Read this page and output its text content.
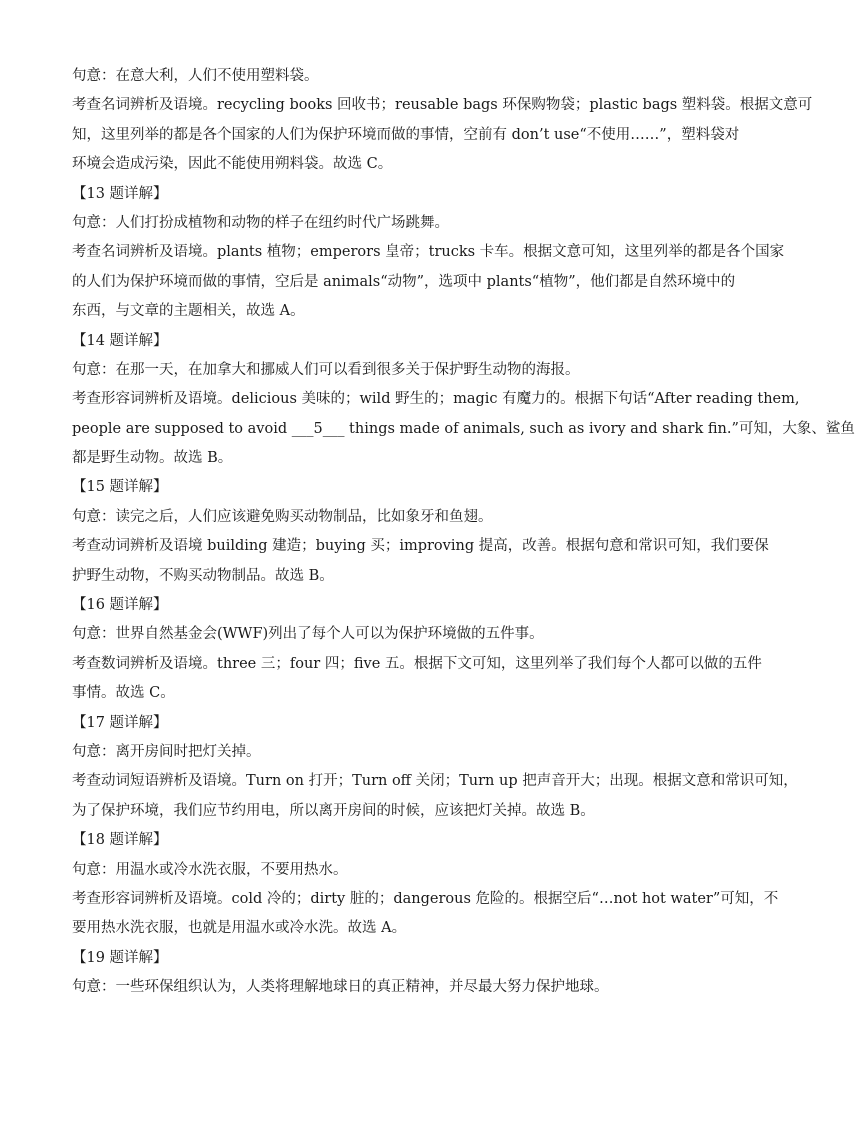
句意：在意大利，人们不使用塑料袋。
考查名词辨析及语境。recycling books 回收书；reusable bags 环保购物袋；plastic bags 塑料袋。根据文意可
知，这里列举的都是各个国家的人们为保护环境而做的事情，空前有 don’t use“不使用……”，塑料袋对
环境会造成污染，因此不能使用朔料袋。故选 C。
【13 题详解】
句意：人们打扮成植物和动物的样子在纽约时代广场跳舞。
考查名词辨析及语境。plants 植物；emperors 皇帝；trucks 卡车。根据文意可知，这里列举的都是各个国家
的人们为保护环境而做的事情，空后是 animals“动物”，选项中 plants“植物”，他们都是自然环境中的
东西，与文章的主题相关，故选 A。
【14 题详解】
句意：在那一天，在加拿大和挪威人们可以看到很多关于保护野生动物的海报。
考查形容词辨析及语境。delicious 美味的；wild 野生的；magic 有魔力的。根据下句话“After reading them,
people are supposed to avoid ___5___ things made of animals, such as ivory and shark fin.”可知，大象、鲨鱼
都是野生动物。故选 B。
【15 题详解】
句意：读完之后，人们应该避免购买动物制品，比如象牙和鱼翅。
考查动词辨析及语境 building 建造；buying 买；improving 提高，改善。根据句意和常识可知，我们要保
护野生动物，不购买动物制品。故选 B。
【16 题详解】
句意：世界自然基金会(WWF)列出了每个人可以为保护环境做的五件事。
考查数词辨析及语境。three 三；four 四；five 五。根据下文可知，这里列举了我们每个人都可以做的五件
事情。故选 C。
【17 题详解】
句意：离开房间时把灯关掉。
考查动词短语辨析及语境。Turn on 打开；Turn off 关闭；Turn up 把声音开大；出现。根据文意和常识可知，
为了保护环境，我们应节约用电，所以离开房间的时候，应该把灯关掉。故选 B。
【18 题详解】
句意：用温水或冷水洗衣服，不要用热水。
考查形容词辨析及语境。cold 冷的；dirty 脏的；dangerous 危险的。根据空后“…not hot water”可知，不
要用热水洗衣服，也就是用温水或冷水洗。故选 A。
【19 题详解】
句意：一些环保组织认为，人类将理解地球日的真正精神，并尽最大努力保护地球。
